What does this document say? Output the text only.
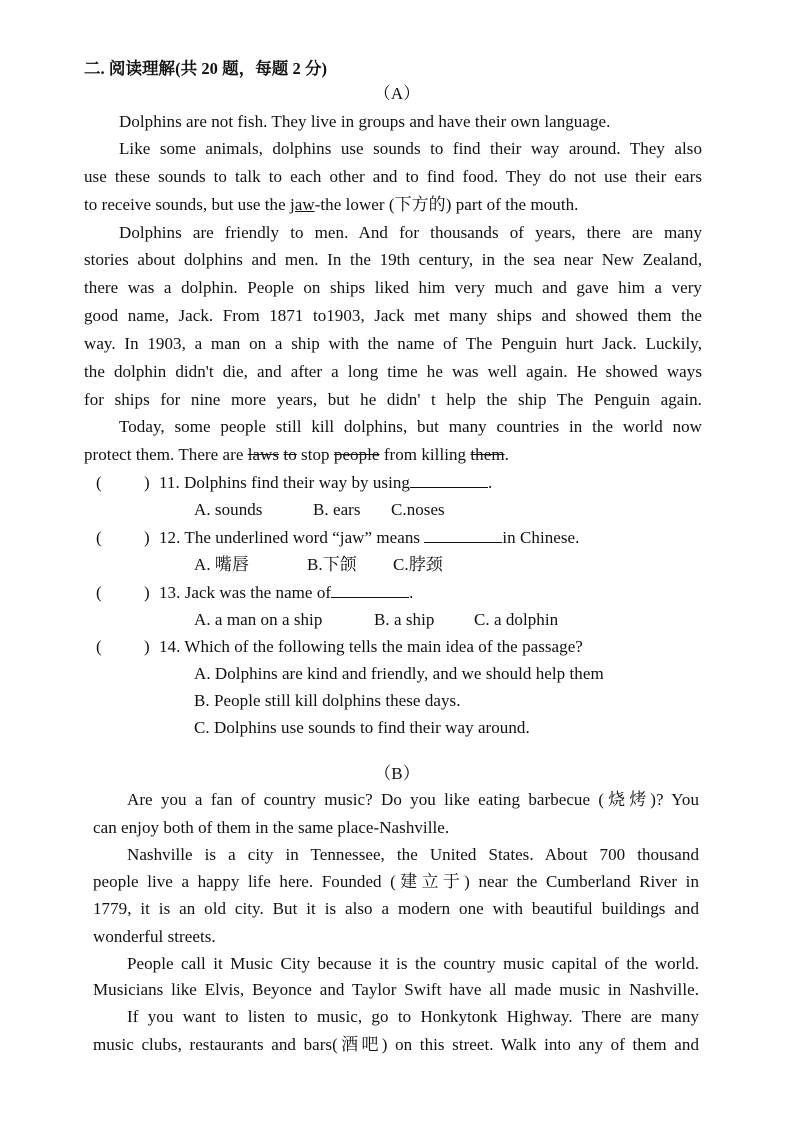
二. 阅读理解(共 20 题，每题 2 分)
（A）
Dolphins are not fish. They live in groups and have their own language.
Like some animals, dolphins use sounds to find their way around. They also
use these sounds to talk to each other and to find food. They do not use their ears
to receive sounds, but use the jaw-the lower (下方的) part of the mouth.
Dolphins are friendly to men. And for thousands of years, there are many
stories about dolphins and men. In the 19th century, in the sea near New Zealand,
there was a dolphin. People on ships liked him very much and gave him a very
good name, Jack. From 1871 to1903, Jack met many ships and showed them the
way. In 1903, a man on a ship with the name of The Penguin hurt Jack. Luckily,
the dolphin didn't die, and after a long time he was well again. He showed ways
for ships for nine more years, but he didn' t help the ship The Penguin again.
Today, some people still kill dolphins, but many countries in the world now
protect them. There are laws to stop people from killing them.
( ) 11. Dolphins find their way by using	.
A. sounds	B. ears C.noses
( ) 12. The underlined word “jaw” means	in Chinese.
A. 嘴唇	B.下颌 C.脖颈
( ) 13. Jack was the name of	.
A. a man on a ship	B. a ship C. a dolphin
( ) 14. Which of the following tells the main idea of the passage?
A. Dolphins are kind and friendly, and we should help them
B. People still kill dolphins these days.
C. Dolphins use sounds to find their way around.
（B）
Are you a fan of country music? Do you like eating barbecue (烧烤)? You
can enjoy both of them in the same place-Nashville.
Nashville is a city in Tennessee, the United States. About 700 thousand
people live a happy life here. Founded (建立于) near the Cumberland River in
1779, it is an old city. But it is also a modern one with beautiful buildings and
wonderful streets.
People call it Music City because it is the country music capital of the world.
Musicians like Elvis, Beyonce and Taylor Swift have all made music in Nashville.
If you want to listen to music, go to Honkytonk Highway. There are many
music clubs, restaurants and bars(酒吧) on this street. Walk into any of them and
